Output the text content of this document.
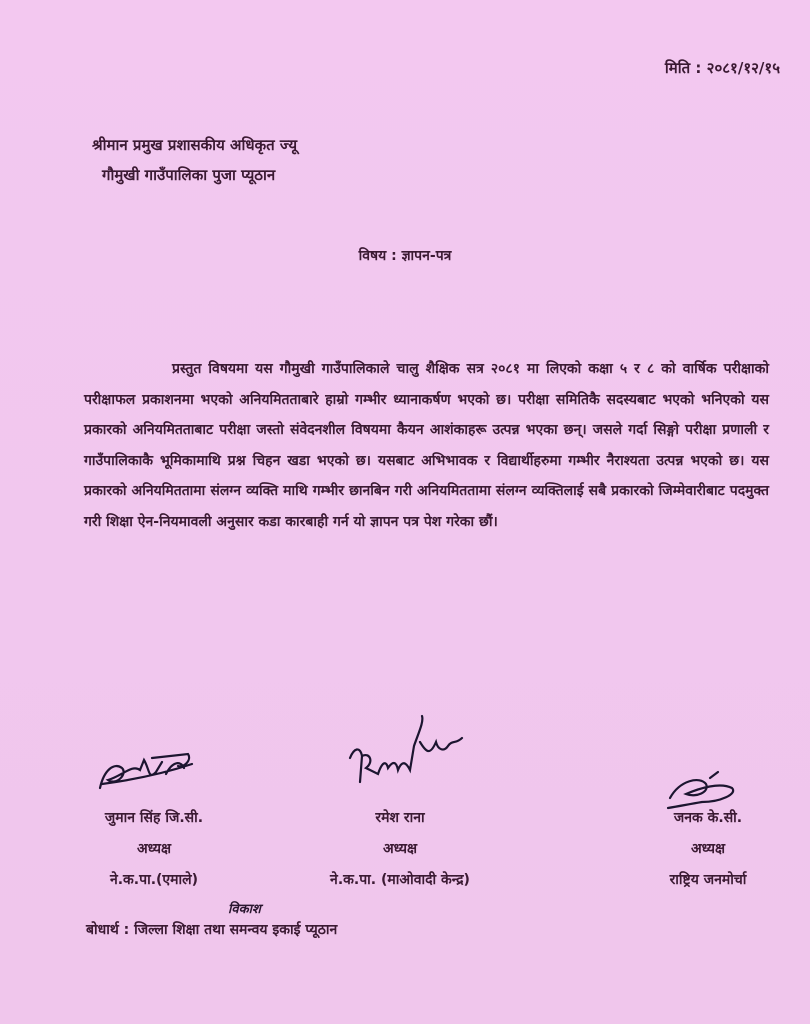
मिति : २०८१/१२/१५
श्रीमान प्रमुख प्रशासकीय अधिकृत ज्यू
गौमुखी गाउँपालिका पुजा प्यूठान
विषय : ज्ञापन-पत्र
प्रस्तुत विषयमा यस गौमुखी गाउँपालिकाले चालु शैक्षिक सत्र २०८१ मा लिएको कक्षा ५ र ८ को वार्षिक परीक्षाको परीक्षाफल प्रकाशनमा भएको अनियमितताबारे हाम्रो गम्भीर ध्यानाकर्षण भएको छ। परीक्षा समितिकै सदस्यबाट भएको भनिएको यस प्रकारको अनियमितताबाट परीक्षा जस्तो संवेदनशील विषयमा कैयन आशंकाहरू उत्पन्न भएका छन्। जसले गर्दा सिङ्गो परीक्षा प्रणाली र गाउँपालिकाकै भूमिकामाथि प्रश्न चिहन खडा भएको छ। यसबाट अभिभावक र विद्यार्थीहरुमा गम्भीर नैराश्यता उत्पन्न भएको छ। यस प्रकारको अनियमिततामा संलग्न व्यक्ति माथि गम्भीर छानबिन गरी अनियमिततामा संलग्न व्यक्तिलाई सबै प्रकारको जिम्मेवारीबाट पदमुक्त गरी शिक्षा ऐन-नियमावली अनुसार कडा कारबाही गर्न यो ज्ञापन पत्र पेश गरेका छौं।
जुमान सिंह जि.सी.
अध्यक्ष
ने.क.पा.(एमाले)
रमेश राना
अध्यक्ष
ने.क.पा. (माओवादी केन्द्र)
जनक के.सी.
अध्यक्ष
राष्ट्रिय जनमोर्चा
विकाश
बोधार्थ : जिल्ला शिक्षा तथा समन्वय इकाई प्यूठान
